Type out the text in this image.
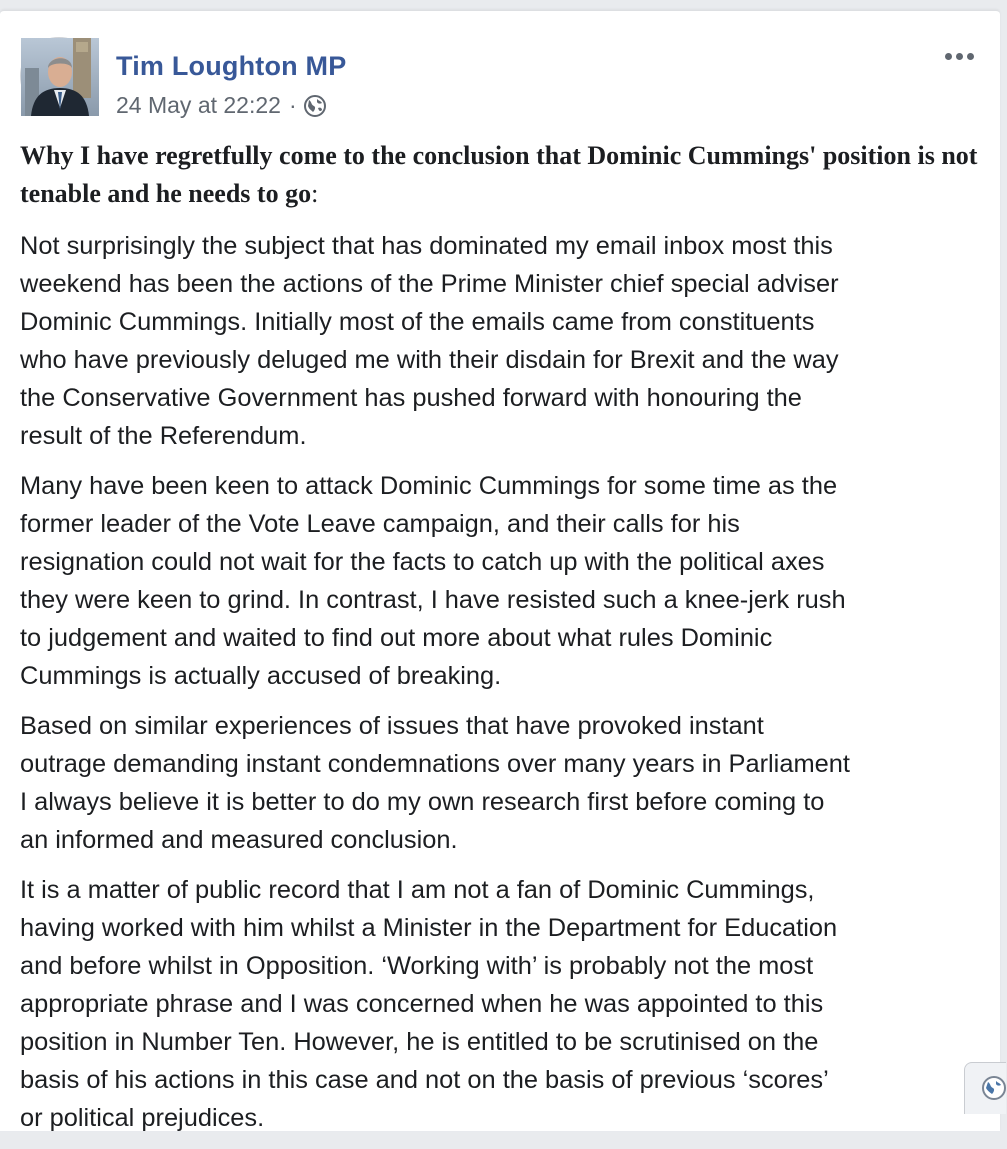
Tim Loughton MP
24 May at 22:22 ·

Why I have regretfully come to the conclusion that Dominic Cummings' position is not tenable and he needs to go:

Not surprisingly the subject that has dominated my email inbox most this
weekend has been the actions of the Prime Minister chief special adviser
Dominic Cummings. Initially most of the emails came from constituents
who have previously deluged me with their disdain for Brexit and the way
the Conservative Government has pushed forward with honouring the
result of the Referendum.

Many have been keen to attack Dominic Cummings for some time as the
former leader of the Vote Leave campaign, and their calls for his
resignation could not wait for the facts to catch up with the political axes
they were keen to grind. In contrast, I have resisted such a knee-jerk rush
to judgement and waited to find out more about what rules Dominic
Cummings is actually accused of breaking.

Based on similar experiences of issues that have provoked instant
outrage demanding instant condemnations over many years in Parliament
I always believe it is better to do my own research first before coming to
an informed and measured conclusion.

It is a matter of public record that I am not a fan of Dominic Cummings,
having worked with him whilst a Minister in the Department for Education
and before whilst in Opposition. ‘Working with’ is probably not the most
appropriate phrase and I was concerned when he was appointed to this
position in Number Ten. However, he is entitled to be scrutinised on the
basis of his actions in this case and not on the basis of previous ‘scores’
or political prejudices.
